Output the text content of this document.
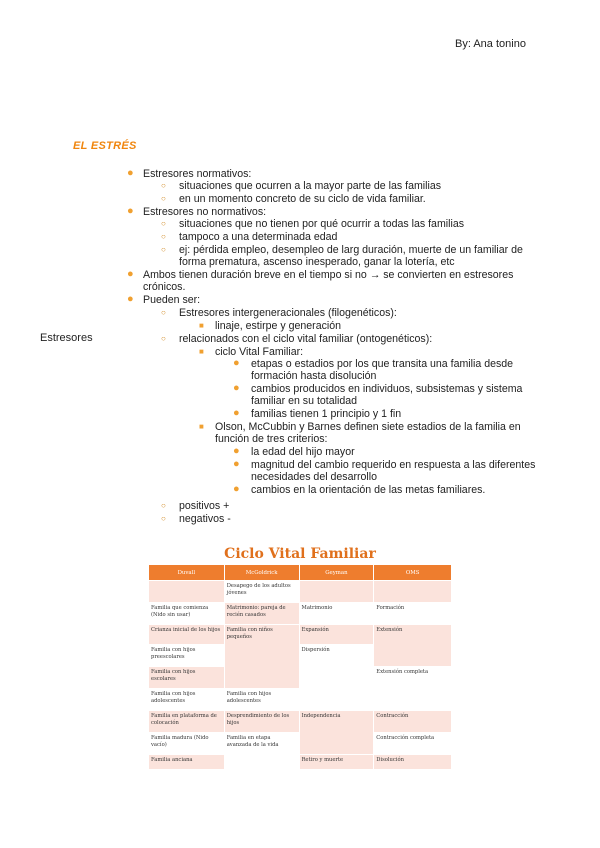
By: Ana tonino
EL ESTRÉS
Estresores
● Estresores normativos:
○ situaciones que ocurren a la mayor parte de las familias
○ en un momento concreto de su ciclo de vida familiar.
● Estresores no normativos:
○ situaciones que no tienen por qué ocurrir a todas las familias
○ tampoco a una determinada edad
○ ej: pérdida empleo, desempleo de larg duración, muerte de un familiar de
forma prematura, ascenso inesperado, ganar la lotería, etc
● Ambos tienen duración breve en el tiempo si no → se convierten en estresores
crónicos.
● Pueden ser:
○ Estresores intergeneracionales (filogenéticos):
■ linaje, estirpe y generación
○ relacionados con el ciclo vital familiar (ontogenéticos):
■ ciclo Vital Familiar:
● etapas o estadios por los que transita una familia desde
formación hasta disolución
● cambios producidos en individuos, subsistemas y sistema
familiar en su totalidad
● familias tienen 1 principio y 1 fin
■ Olson, McCubbin y Barnes definen siete estadios de la familia en
función de tres criterios:
● la edad del hijo mayor
● magnitud del cambio requerido en respuesta a las diferentes
necesidades del desarrollo
● cambios en la orientación de las metas familiares.
○ positivos +
○ negativos -
Ciclo Vital Familiar
Duvall	McGoldrick	Geyman	OMS
	Desapego de los adultos jóvenes		
Familia que comienza (Nido sin usar)	Matrimonio: pareja de recién casados	Matrimonio	Formación
Crianza inicial de los hijos	Familia con niños pequeños	Expansión	Extensión
Familia con hijos preescolares		Dispersión	
Familia con hijos escolares			Extensión completa
Familia con hijos adolescentes	Familia con hijos adolescentes		
Familia en plataforma de colocación	Desprendimiento de los hijos	Independencia	Contracción
Familia madura (Nido vacío)	Familia en etapa avanzada de la vida		Contracción completa
Familia anciana		Retiro y muerte	Disolución
